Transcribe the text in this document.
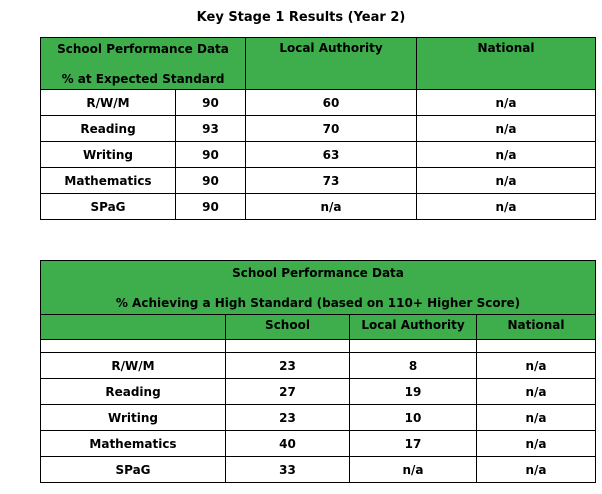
Key Stage 1 Results (Year 2)
School Performance Data
% at Expected Standard		Local Authority	National
R/W/M	90	60	n/a
Reading	93	70	n/a
Writing	90	63	n/a
Mathematics	90	73	n/a
SPaG	90	n/a	n/a
School Performance Data
% Achieving a High Standard (based on 110+ Higher Score)			

	School	Local Authority	National

R/W/M	23	8	n/a
Reading	27	19	n/a
Writing	23	10	n/a
Mathematics	40	17	n/a
SPaG	33	n/a	n/a
